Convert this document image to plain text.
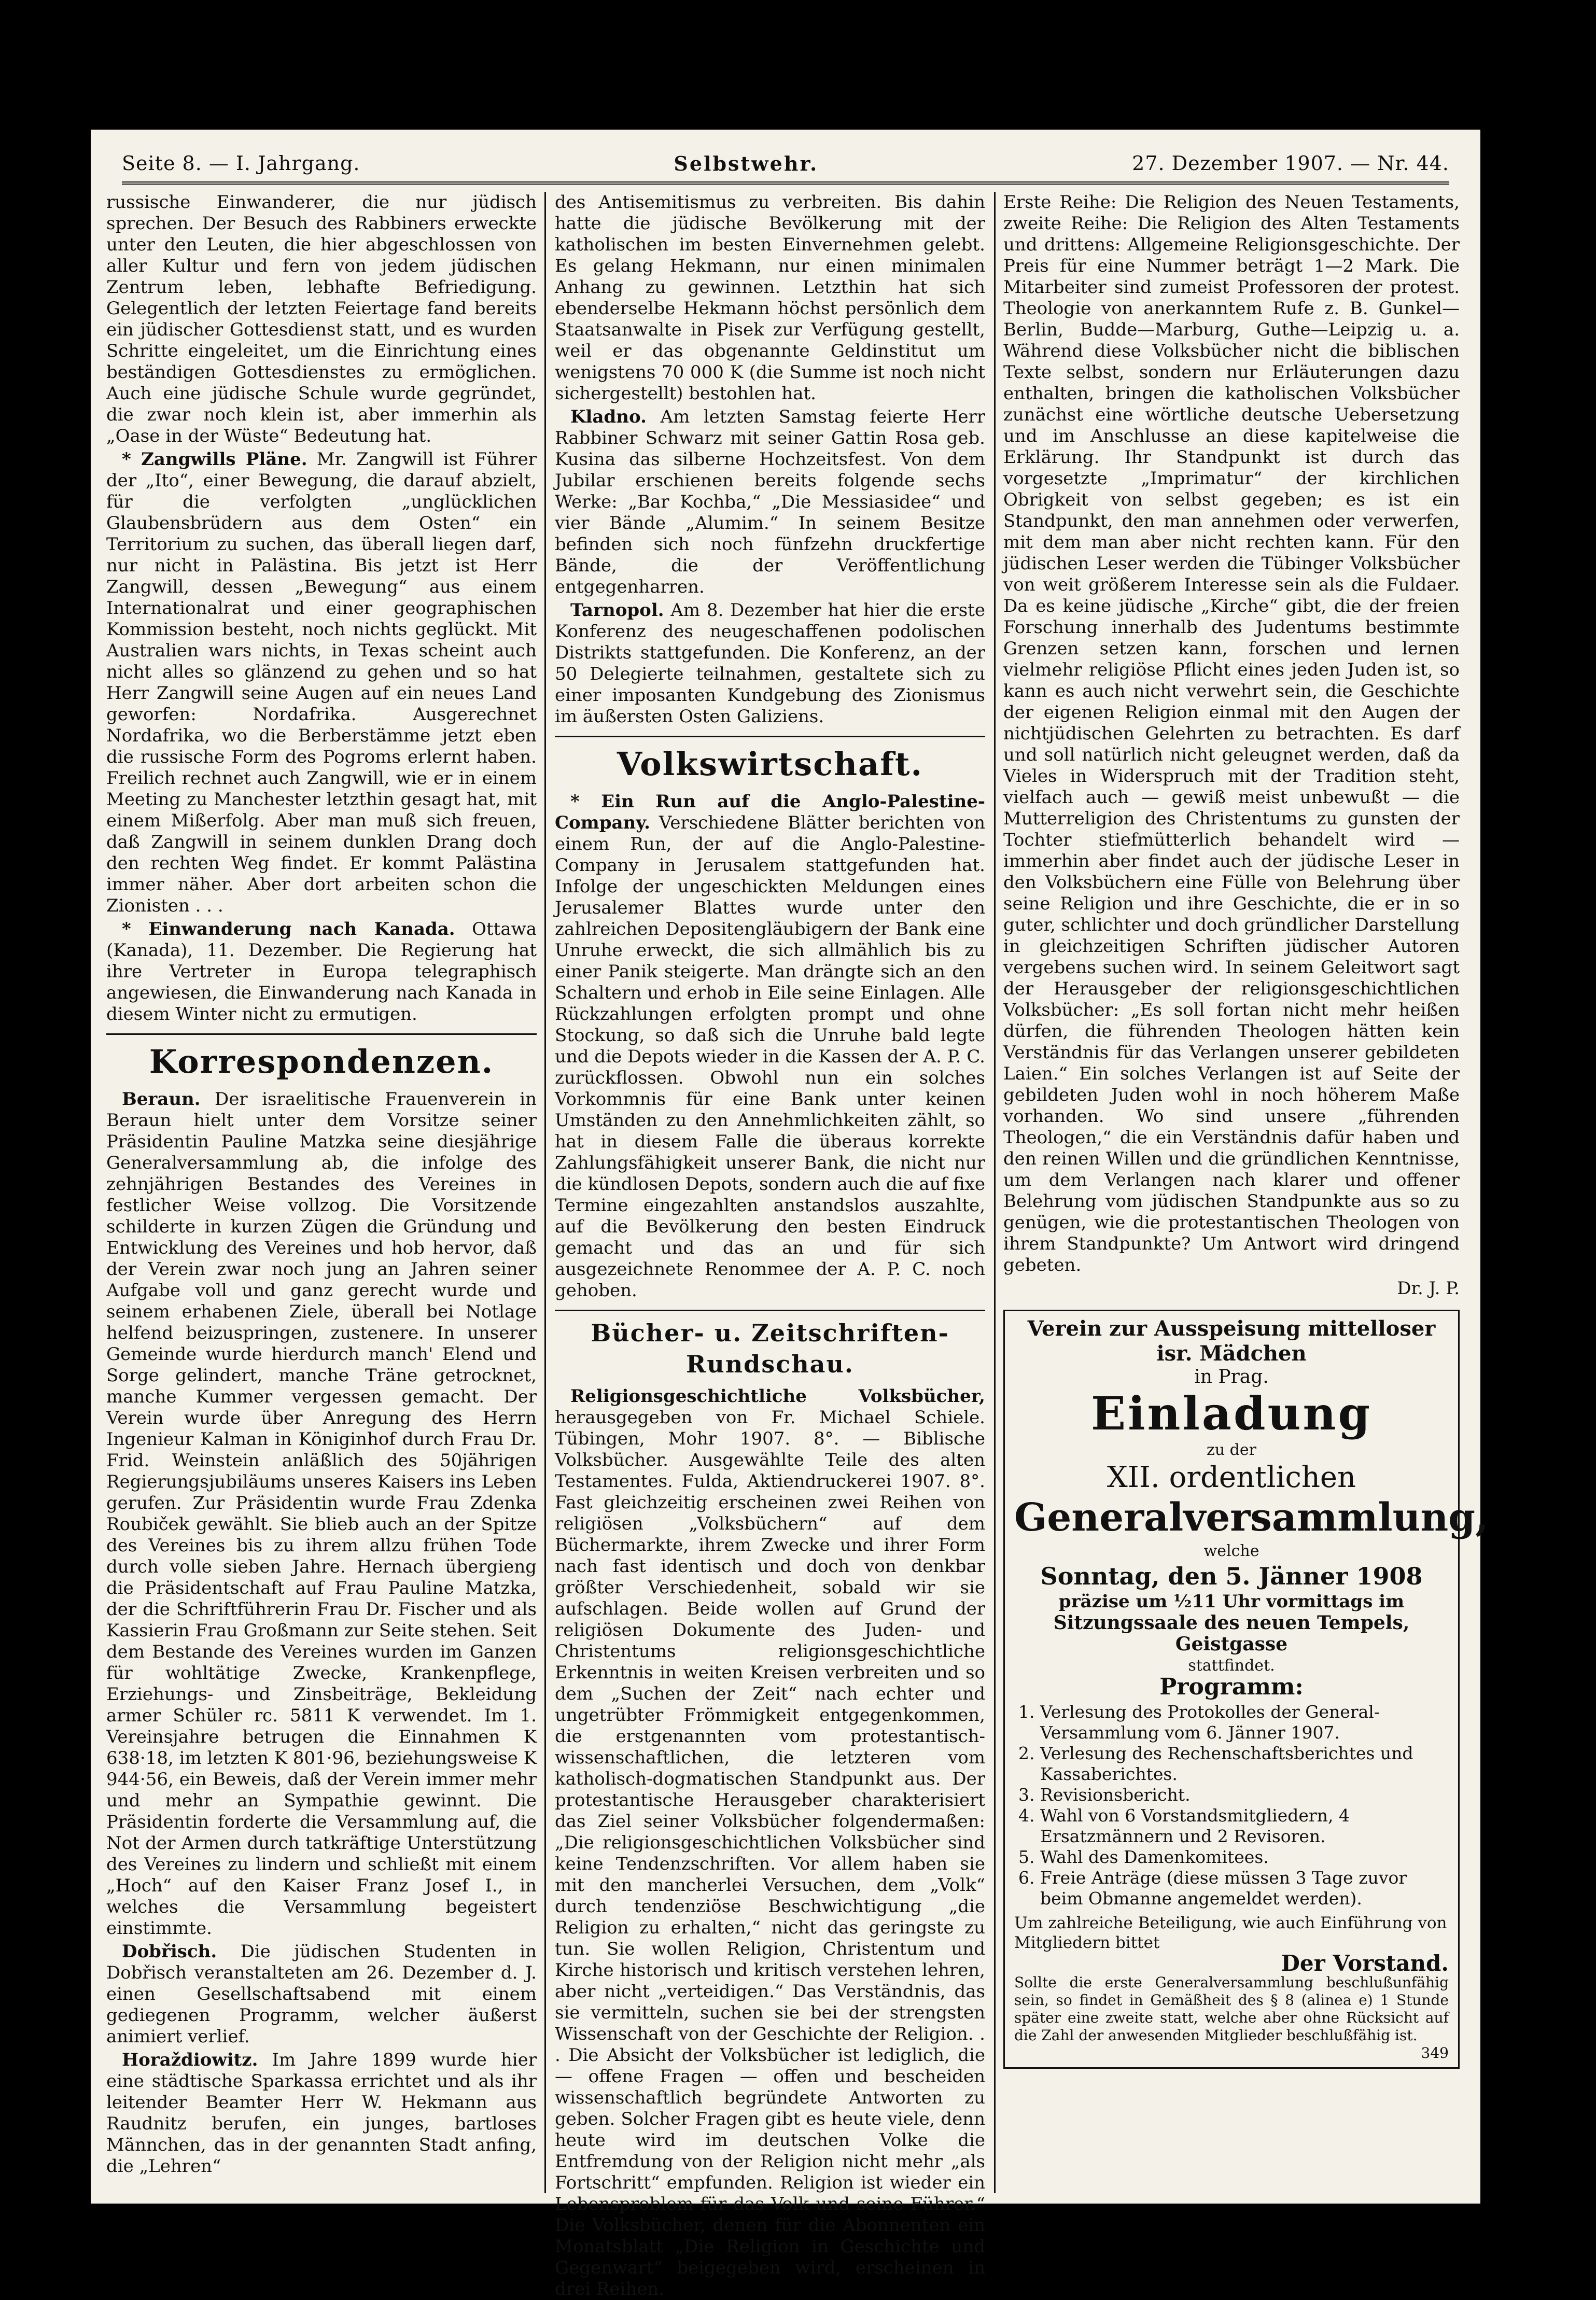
Seite 8. — I. Jahrgang.	Selbstwehr.	27. Dezember 1907. — Nr. 44.

russische Einwanderer, die nur jüdisch sprechen. Der Besuch des Rabbiners erweckte unter den Leuten, die hier abgeschlossen von aller Kultur und fern von jedem jüdischen Zentrum leben, lebhafte Befriedigung. Gelegentlich der letzten Feiertage fand bereits ein jüdischer Gottesdienst statt, und es wurden Schritte eingeleitet, um die Einrichtung eines beständigen Gottesdienstes zu ermöglichen. Auch eine jüdische Schule wurde gegründet, die zwar noch klein ist, aber immerhin als „Oase in der Wüste“ Bedeutung hat.

* Zangwills Pläne. Mr. Zangwill ist Führer der „Ito“, einer Bewegung, die darauf abzielt, für die verfolgten „unglücklichen Glaubensbrüdern aus dem Osten“ ein Territorium zu suchen, das überall liegen darf, nur nicht in Palästina. Bis jetzt ist Herr Zangwill, dessen „Bewegung“ aus einem Internationalrat und einer geographischen Kommission besteht, noch nichts geglückt. Mit Australien wars nichts, in Texas scheint auch nicht alles so glänzend zu gehen und so hat Herr Zangwill seine Augen auf ein neues Land geworfen: Nordafrika. Ausgerechnet Nordafrika, wo die Berberstämme jetzt eben die russische Form des Pogroms erlernt haben. Freilich rechnet auch Zangwill, wie er in einem Meeting zu Manchester letzthin gesagt hat, mit einem Mißerfolg. Aber man muß sich freuen, daß Zangwill in seinem dunklen Drang doch den rechten Weg findet. Er kommt Palästina immer näher. Aber dort arbeiten schon die Zionisten . . .

* Einwanderung nach Kanada. Ottawa (Kanada), 11. Dezember. Die Regierung hat ihre Vertreter in Europa telegraphisch angewiesen, die Einwanderung nach Kanada in diesem Winter nicht zu ermutigen.

Korrespondenzen.

Beraun. Der israelitische Frauenverein in Beraun hielt unter dem Vorsitze seiner Präsidentin Pauline Matzka seine diesjährige Generalversammlung ab, die infolge des zehnjährigen Bestandes des Vereines in festlicher Weise vollzog. Die Vorsitzende schilderte in kurzen Zügen die Gründung und Entwicklung des Vereines und hob hervor, daß der Verein zwar noch jung an Jahren seiner Aufgabe voll und ganz gerecht wurde und seinem erhabenen Ziele, überall bei Notlage helfend beizuspringen, zustenere. In unserer Gemeinde wurde hierdurch manch' Elend und Sorge gelindert, manche Träne getrocknet, manche Kummer vergessen gemacht. Der Verein wurde über Anregung des Herrn Ingenieur Kalman in Königinhof durch Frau Dr. Frid. Weinstein anläßlich des 50jährigen Regierungsjubiläums unseres Kaisers ins Leben gerufen. Zur Präsidentin wurde Frau Zdenka Roubiček gewählt. Sie blieb auch an der Spitze des Vereines bis zu ihrem allzu frühen Tode durch volle sieben Jahre. Hernach übergieng die Präsidentschaft auf Frau Pauline Matzka, der die Schriftführerin Frau Dr. Fischer und als Kassierin Frau Großmann zur Seite stehen. Seit dem Bestande des Vereines wurden im Ganzen für wohltätige Zwecke, Krankenpflege, Erziehungs- und Zinsbeiträge, Bekleidung armer Schüler rc. 5811 K verwendet. Im 1. Vereinsjahre betrugen die Einnahmen K 638·18, im letzten K 801·96, beziehungsweise K 944·56, ein Beweis, daß der Verein immer mehr und mehr an Sympathie gewinnt. Die Präsidentin forderte die Versammlung auf, die Not der Armen durch tatkräftige Unterstützung des Vereines zu lindern und schließt mit einem „Hoch“ auf den Kaiser Franz Josef I., in welches die Versammlung begeistert einstimmte.

Dobřisch. Die jüdischen Studenten in Dobřisch veranstalteten am 26. Dezember d. J. einen Gesellschaftsabend mit einem gediegenen Programm, welcher äußerst animiert verlief.

Horaždiowitz. Im Jahre 1899 wurde hier eine städtische Sparkassa errichtet und als ihr leitender Beamter Herr W. Hekmann aus Raudnitz berufen, ein junges, bartloses Männchen, das in der genannten Stadt anfing, die „Lehren“

des Antisemitismus zu verbreiten. Bis dahin hatte die jüdische Bevölkerung mit der katholischen im besten Einvernehmen gelebt. Es gelang Hekmann, nur einen minimalen Anhang zu gewinnen. Letzthin hat sich ebenderselbe Hekmann höchst persönlich dem Staatsanwalte in Pisek zur Verfügung gestellt, weil er das obgenannte Geldinstitut um wenigstens 70 000 K (die Summe ist noch nicht sichergestellt) bestohlen hat.

Kladno. Am letzten Samstag feierte Herr Rabbiner Schwarz mit seiner Gattin Rosa geb. Kusina das silberne Hochzeitsfest. Von dem Jubilar erschienen bereits folgende sechs Werke: „Bar Kochba,“ „Die Messiasidee“ und vier Bände „Alumim.“ In seinem Besitze befinden sich noch fünfzehn druckfertige Bände, die der Veröffentlichung entgegenharren.

Tarnopol. Am 8. Dezember hat hier die erste Konferenz des neugeschaffenen podolischen Distrikts stattgefunden. Die Konferenz, an der 50 Delegierte teilnahmen, gestaltete sich zu einer imposanten Kundgebung des Zionismus im äußersten Osten Galiziens.

Volkswirtschaft.

* Ein Run auf die Anglo-Palestine-Company. Verschiedene Blätter berichten von einem Run, der auf die Anglo-Palestine-Company in Jerusalem stattgefunden hat. Infolge der ungeschickten Meldungen eines Jerusalemer Blattes wurde unter den zahlreichen Depositengläubigern der Bank eine Unruhe erweckt, die sich allmählich bis zu einer Panik steigerte. Man drängte sich an den Schaltern und erhob in Eile seine Einlagen. Alle Rückzahlungen erfolgten prompt und ohne Stockung, so daß sich die Unruhe bald legte und die Depots wieder in die Kassen der A. P. C. zurückflossen. Obwohl nun ein solches Vorkommnis für eine Bank unter keinen Umständen zu den Annehmlichkeiten zählt, so hat in diesem Falle die überaus korrekte Zahlungsfähigkeit unserer Bank, die nicht nur die kündlosen Depots, sondern auch die auf fixe Termine eingezahlten anstandslos auszahlte, auf die Bevölkerung den besten Eindruck gemacht und das an und für sich ausgezeichnete Renommee der A. P. C. noch gehoben.

Bücher- u. Zeitschriften-Rundschau.

Religionsgeschichtliche Volksbücher, herausgegeben von Fr. Michael Schiele. Tübingen, Mohr 1907. 8°. — Biblische Volksbücher. Ausgewählte Teile des alten Testamentes. Fulda, Aktiendruckerei 1907. 8°. Fast gleichzeitig erscheinen zwei Reihen von religiösen „Volksbüchern“ auf dem Büchermarkte, ihrem Zwecke und ihrer Form nach fast identisch und doch von denkbar größter Verschiedenheit, sobald wir sie aufschlagen. Beide wollen auf Grund der religiösen Dokumente des Juden- und Christentums religionsgeschichtliche Erkenntnis in weiten Kreisen verbreiten und so dem „Suchen der Zeit“ nach echter und ungetrübter Frömmigkeit entgegenkommen, die erstgenannten vom protestantisch-wissenschaftlichen, die letzteren vom katholisch-dogmatischen Standpunkt aus. Der protestantische Herausgeber charakterisiert das Ziel seiner Volksbücher folgendermaßen: „Die religionsgeschichtlichen Volksbücher sind keine Tendenzschriften. Vor allem haben sie mit den mancherlei Versuchen, dem „Volk“ durch tendenziöse Beschwichtigung „die Religion zu erhalten,“ nicht das geringste zu tun. Sie wollen Religion, Christentum und Kirche historisch und kritisch verstehen lehren, aber nicht „verteidigen.“ Das Verständnis, das sie vermitteln, suchen sie bei der strengsten Wissenschaft von der Geschichte der Religion. . . Die Absicht der Volksbücher ist lediglich, die — offene Fragen — offen und bescheiden wissenschaftlich begründete Antworten zu geben. Solcher Fragen gibt es heute viele, denn heute wird im deutschen Volke die Entfremdung von der Religion nicht mehr „als Fortschritt“ empfunden. Religion ist wieder ein Lebensproblem für das Volk und seine Führer.“ Die Volksbücher, denen für die Abonnenten ein Monatsblatt „Die Religion in Geschichte und Gegenwart“ beigegeben wird, erscheinen in drei Reihen.

Erste Reihe: Die Religion des Neuen Testaments, zweite Reihe: Die Religion des Alten Testaments und drittens: Allgemeine Religionsgeschichte. Der Preis für eine Nummer beträgt 1—2 Mark. Die Mitarbeiter sind zumeist Professoren der protest. Theologie von anerkanntem Rufe z. B. Gunkel—Berlin, Budde—Marburg, Guthe—Leipzig u. a. Während diese Volksbücher nicht die biblischen Texte selbst, sondern nur Erläuterungen dazu enthalten, bringen die katholischen Volksbücher zunächst eine wörtliche deutsche Uebersetzung und im Anschlusse an diese kapitelweise die Erklärung. Ihr Standpunkt ist durch das vorgesetzte „Imprimatur“ der kirchlichen Obrigkeit von selbst gegeben; es ist ein Standpunkt, den man annehmen oder verwerfen, mit dem man aber nicht rechten kann. Für den jüdischen Leser werden die Tübinger Volksbücher von weit größerem Interesse sein als die Fuldaer. Da es keine jüdische „Kirche“ gibt, die der freien Forschung innerhalb des Judentums bestimmte Grenzen setzen kann, forschen und lernen vielmehr religiöse Pflicht eines jeden Juden ist, so kann es auch nicht verwehrt sein, die Geschichte der eigenen Religion einmal mit den Augen der nichtjüdischen Gelehrten zu betrachten. Es darf und soll natürlich nicht geleugnet werden, daß da Vieles in Widerspruch mit der Tradition steht, vielfach auch — gewiß meist unbewußt — die Mutterreligion des Christentums zu gunsten der Tochter stiefmütterlich behandelt wird — immerhin aber findet auch der jüdische Leser in den Volksbüchern eine Fülle von Belehrung über seine Religion und ihre Geschichte, die er in so guter, schlichter und doch gründlicher Darstellung in gleichzeitigen Schriften jüdischer Autoren vergebens suchen wird. In seinem Geleitwort sagt der Herausgeber der religionsgeschichtlichen Volksbücher: „Es soll fortan nicht mehr heißen dürfen, die führenden Theologen hätten kein Verständnis für das Verlangen unserer gebildeten Laien.“ Ein solches Verlangen ist auf Seite der gebildeten Juden wohl in noch höherem Maße vorhanden. Wo sind unsere „führenden Theologen,“ die ein Verständnis dafür haben und den reinen Willen und die gründlichen Kenntnisse, um dem Verlangen nach klarer und offener Belehrung vom jüdischen Standpunkte aus so zu genügen, wie die protestantischen Theologen von ihrem Standpunkte? Um Antwort wird dringend gebeten.

Dr. J. P.

Verein zur Ausspeisung mittelloser isr. Mädchen
in Prag.
Einladung
zu der
XII. ordentlichen
Generalversammlung,
welche
Sonntag, den 5. Jänner 1908
präzise um ½11 Uhr vormittags im
Sitzungssaale des neuen Tempels, Geistgasse
stattfindet.
Programm:
1. Verlesung des Protokolles der General-Versammlung vom 6. Jänner 1907.
2. Verlesung des Rechenschaftsberichtes und Kassaberichtes.
3. Revisionsbericht.
4. Wahl von 6 Vorstandsmitgliedern, 4 Ersatzmännern und 2 Revisoren.
5. Wahl des Damenkomitees.
6. Freie Anträge (diese müssen 3 Tage zuvor beim Obmanne angemeldet werden).
Um zahlreiche Beteiligung, wie auch Einführung von Mitgliedern bittet
Der Vorstand.
Sollte die erste Generalversammlung beschlußunfähig sein, so findet in Gemäßheit des § 8 (alinea e) 1 Stunde später eine zweite statt, welche aber ohne Rücksicht auf die Zahl der anwesenden Mitglieder beschlußfähig ist.
349
